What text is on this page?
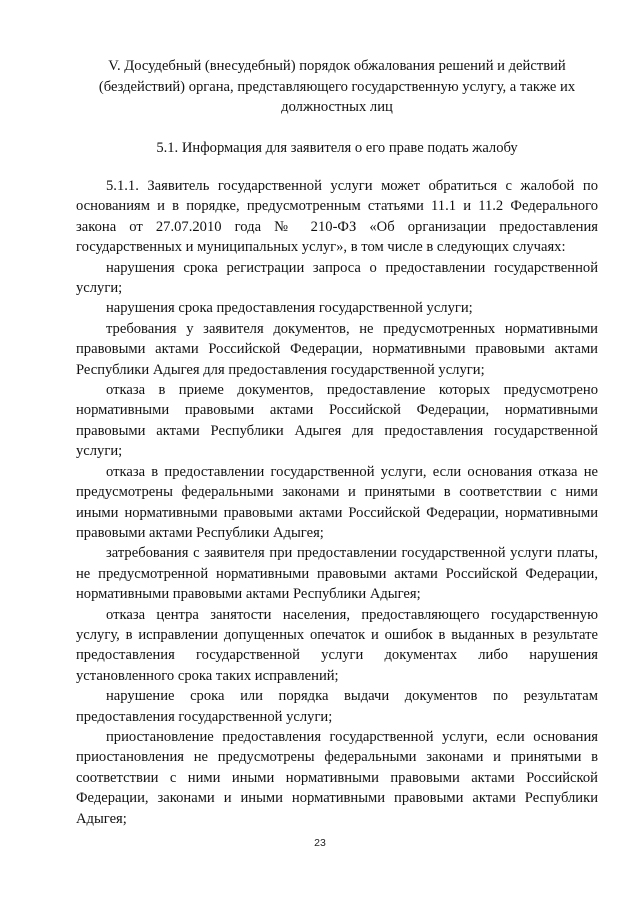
V. Досудебный (внесудебный) порядок обжалования решений и действий (бездействий) органа, представляющего государственную услугу, а также их должностных лиц

5.1. Информация для заявителя о его праве подать жалобу

5.1.1. Заявитель государственной услуги может обратиться с жалобой по основаниям и в порядке, предусмотренным статьями 11.1 и 11.2 Федерального закона от 27.07.2010 года № 210-ФЗ «Об организации предоставления государственных и муниципальных услуг», в том числе в следующих случаях:

нарушения срока регистрации запроса о предоставлении государственной услуги;

нарушения срока предоставления государственной услуги;

требования у заявителя документов, не предусмотренных нормативными правовыми актами Российской Федерации, нормативными правовыми актами Республики Адыгея для предоставления государственной услуги;

отказа в приеме документов, предоставление которых предусмотрено нормативными правовыми актами Российской Федерации, нормативными правовыми актами Республики Адыгея для предоставления государственной услуги;

отказа в предоставлении государственной услуги, если основания отказа не предусмотрены федеральными законами и принятыми в соответствии с ними иными нормативными правовыми актами Российской Федерации, нормативными правовыми актами Республики Адыгея;

затребования с заявителя при предоставлении государственной услуги платы, не предусмотренной нормативными правовыми актами Российской Федерации, нормативными правовыми актами Республики Адыгея;

отказа центра занятости населения, предоставляющего государственную услугу, в исправлении допущенных опечаток и ошибок в выданных в результате предоставления государственной услуги документах либо нарушения установленного срока таких исправлений;

нарушение срока или порядка выдачи документов по результатам предоставления государственной услуги;

приостановление предоставления государственной услуги, если основания приостановления не предусмотрены федеральными законами и принятыми в соответствии с ними иными нормативными правовыми актами Российской Федерации, законами и иными нормативными правовыми актами Республики Адыгея;

23
